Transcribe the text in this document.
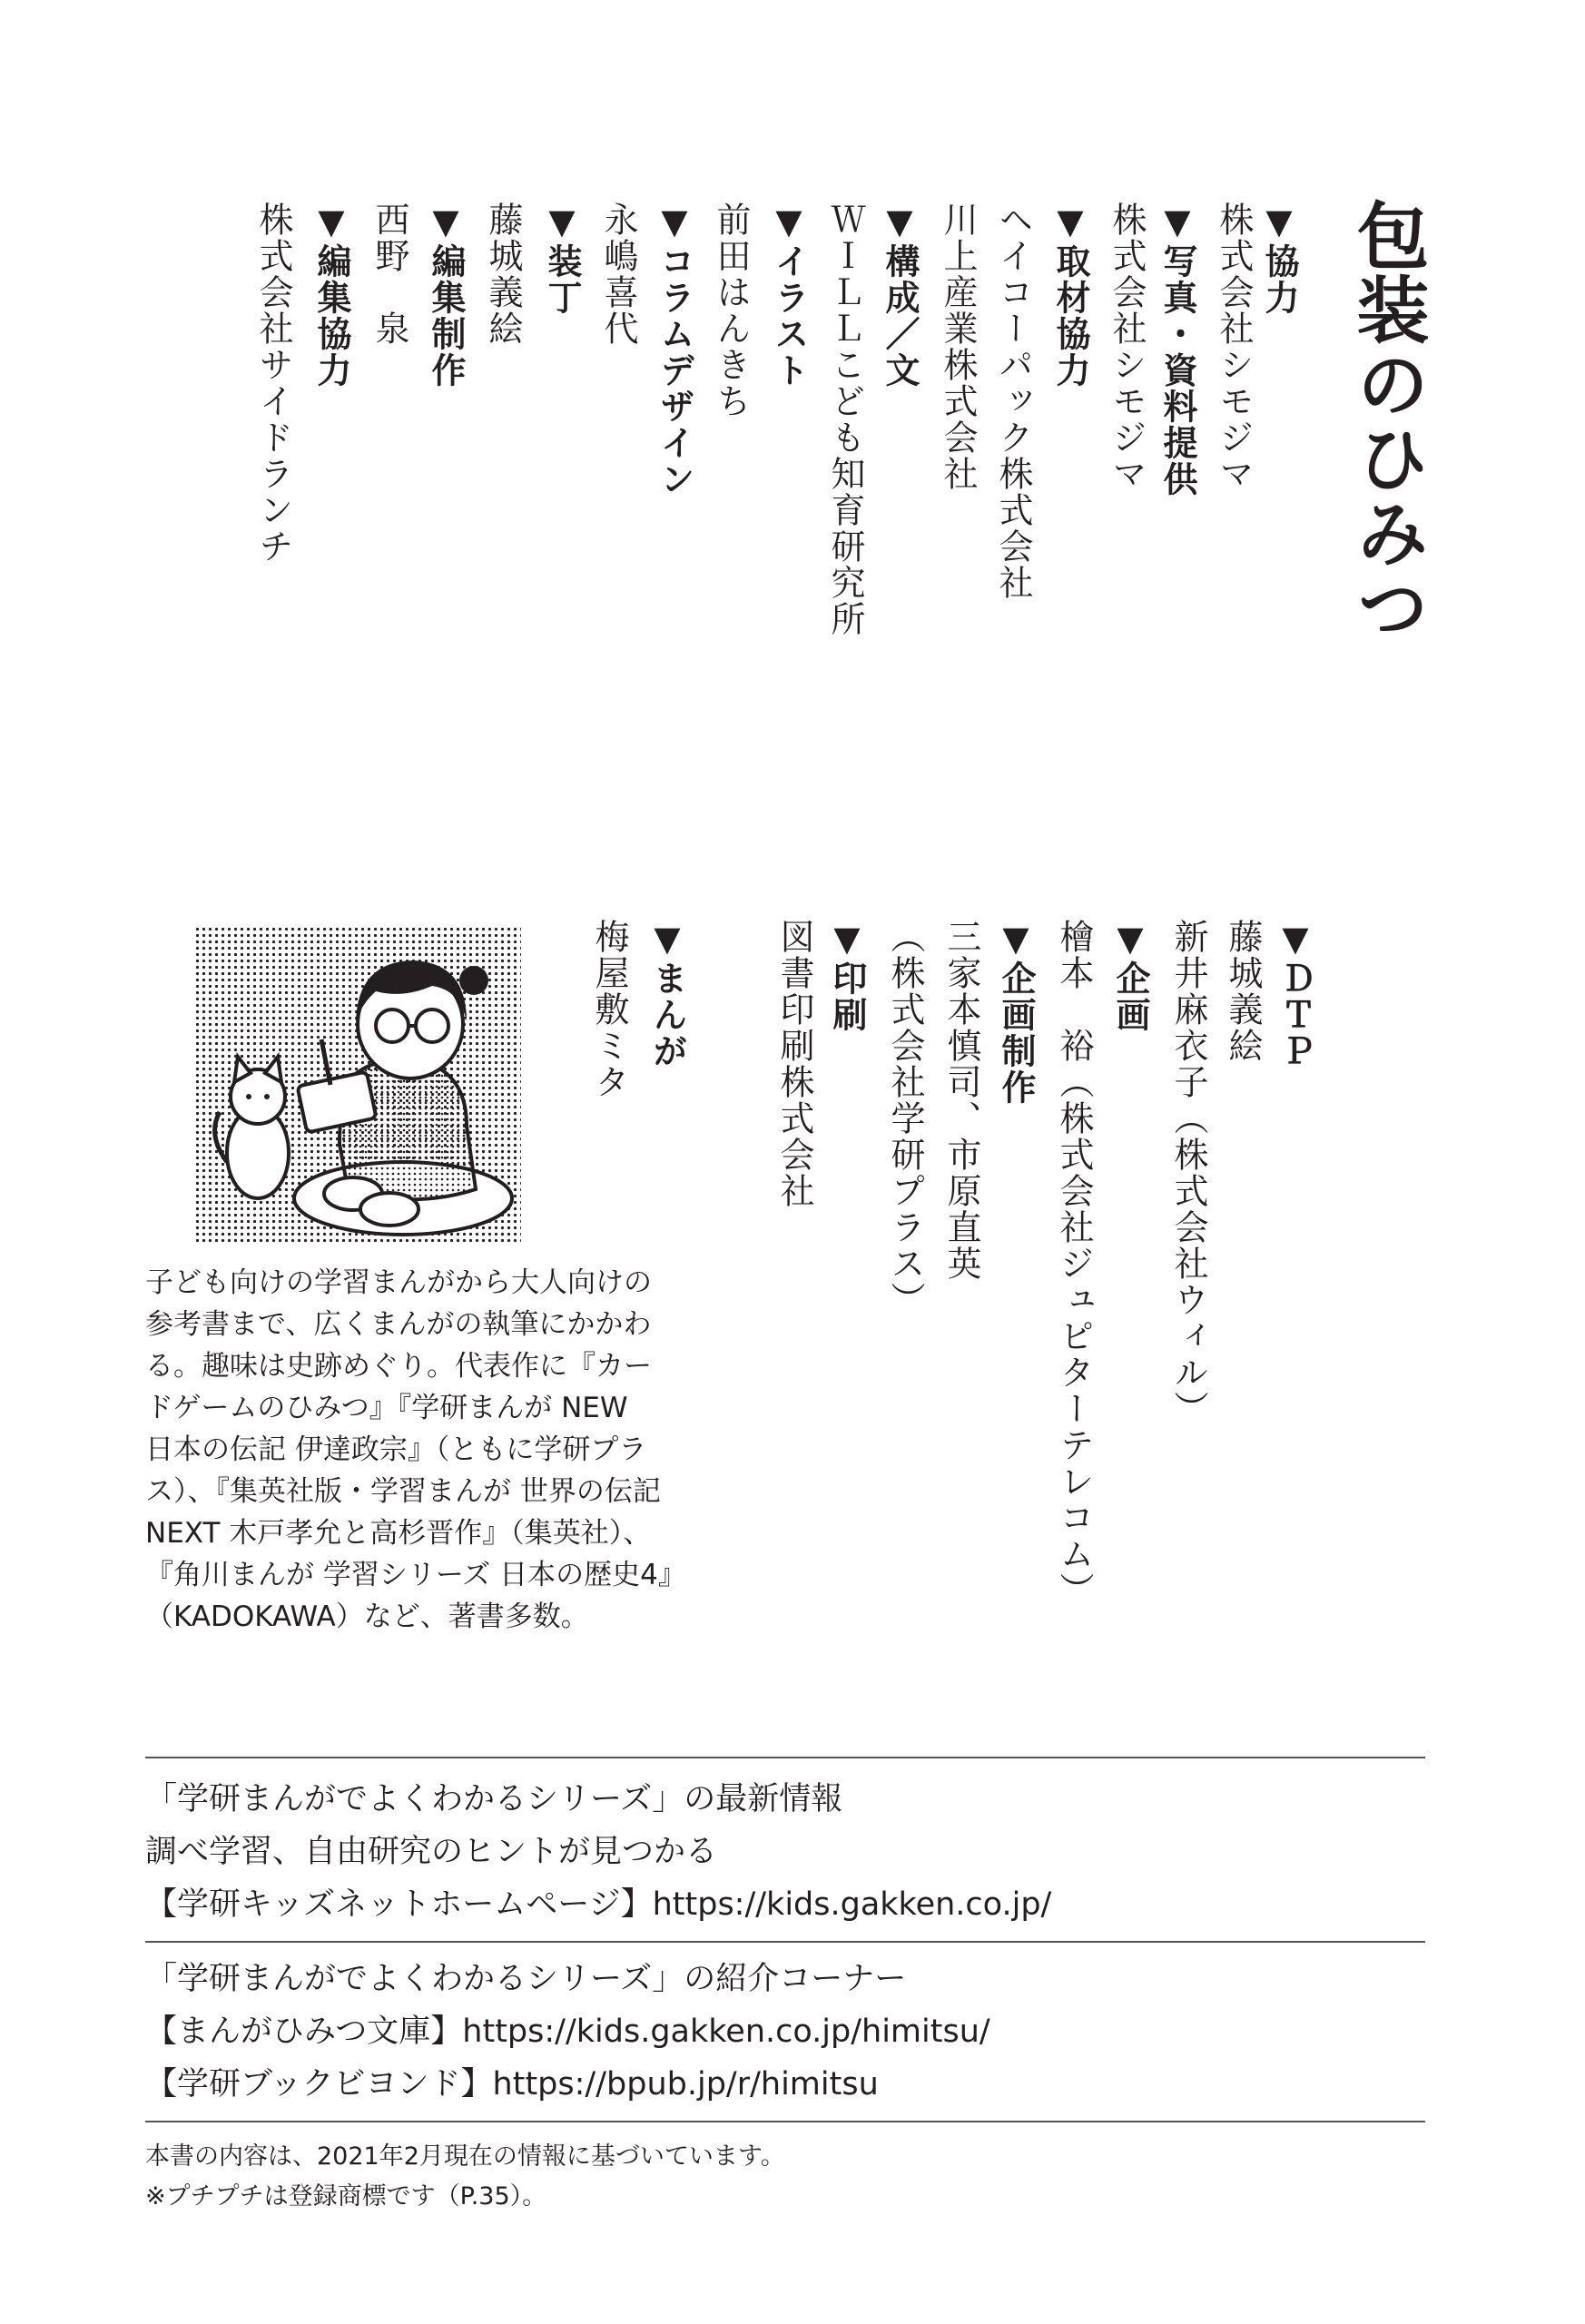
包装のひみつ
▼協力
株式会社シモジマ
▼写真・資料提供
株式会社シモジマ
▼取材協力
ヘイコーパック株式会社
川上産業株式会社
▼構成／文
ＷＩＬＬこども知育研究所
▼イラスト
前田はんきち
▼コラムデザイン
永嶋喜代
▼装丁
藤城義絵
▼編集制作
西野　泉
▼編集協力
株式会社サイドランチ
▼ＤＴＰ
藤城義絵
新井麻衣子（株式会社ウィル）
▼企画
檜本　裕（株式会社ジュピターテレコム）
▼企画制作
三家本慎司、市原直英
（株式会社学研プラス）
▼印刷
図書印刷株式会社
▼まんが
梅屋敷ミタ
子ども向けの学習まんがから大人向けの
参考書まで、広くまんがの執筆にかかわ
る。趣味は史跡めぐり。代表作に『カー
ドゲームのひみつ』『学研まんが NEW
日本の伝記 伊達政宗』（ともに学研プラ
ス）、『集英社版・学習まんが 世界の伝記
NEXT 木戸孝允と高杉晋作』（集英社）、
『角川まんが 学習シリーズ 日本の歴史4』
（KADOKAWA）など、著書多数。
「学研まんがでよくわかるシリーズ」の最新情報
調べ学習、自由研究のヒントが見つかる
【学研キッズネットホームページ】https://kids.gakken.co.jp/
「学研まんがでよくわかるシリーズ」の紹介コーナー
【まんがひみつ文庫】https://kids.gakken.co.jp/himitsu/
【学研ブックビヨンド】https://bpub.jp/r/himitsu
本書の内容は、2021年2月現在の情報に基づいています。
※プチプチは登録商標です（P.35）。
